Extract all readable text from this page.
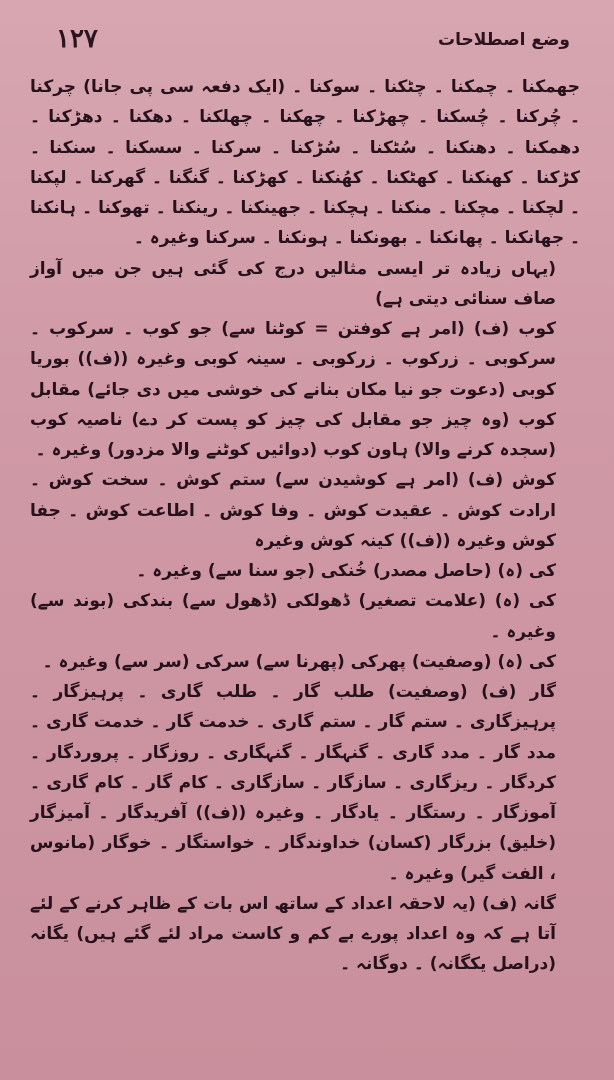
۱۲۷	وضع اصطلاحات

جھمکنا ۔ چمکنا ۔ چٹکنا ۔ سوکنا ۔ (ایک دفعہ سی پی جانا) چرکنا ۔ چُرکنا ۔ چُسکنا ۔ چھڑکنا ۔ چھکنا ۔ چھلکنا ۔ دھکنا ۔ دھڑکنا ۔ دھمکنا ۔ دھنکنا ۔ سُٹکنا ۔ سُڑکنا ۔ سرکنا ۔ سسکنا ۔ سنکنا ۔ کڑکنا ۔ کھنکنا ۔ کھٹکنا ۔ کھُنکنا ۔ کھڑکنا ۔ گنگنا ۔ گھرکنا ۔ لپکنا ۔ لچکنا ۔ مچکنا ۔ منکنا ۔ ہچکنا ۔ جھینکنا ۔ رینکنا ۔ تھوکنا ۔ ہانکنا ۔ جھانکنا ۔ پھانکنا ۔ بھونکنا ۔ ہونکنا ۔ سرکنا وغیرہ ۔

(یہاں زیادہ تر ایسی مثالیں درج کی گئی ہیں جن میں آواز صاف سنائی دیتی ہے)

کوب (ف) (امر ہے کوفتن = کوٹنا سے) جو کوب ۔ سرکوب ۔ سرکوبی ۔ زرکوب ۔ زرکوبی ۔ سینہ کوبی وغیرہ ((ف)) بوریا کوبی (دعوت جو نیا مکان بنانے کی خوشی میں دی جائے) مقابل کوب (وہ چیز جو مقابل کی چیز کو پست کر دے) ناصیہ کوب (سجدہ کرنے والا) ہاون کوب (دوائیں کوٹنے والا مزدور) وغیرہ ۔

کوش (ف) (امر ہے کوشیدن سے) ستم کوش ۔ سخت کوش ۔ ارادت کوش ۔ عقیدت کوش ۔ وفا کوش ۔ اطاعت کوش ۔ جفا کوش وغیرہ ((ف)) کینہ کوش وغیرہ

کی (ہ) (حاصل مصدر) خُنکی (جو سنا سے) وغیرہ ۔

کی (ہ) (علامت تصغیر) ڈھولکی (ڈھول سے) بندکی (بوند سے) وغیرہ ۔

کی (ہ) (وصفیت) پھرکی (پھرنا سے) سرکی (سر سے) وغیرہ ۔

گار (ف) (وصفیت) طلب گار ۔ طلب گاری ۔ پرہیزگار ۔ پرہیزگاری ۔ ستم گار ۔ ستم گاری ۔ خدمت گار ۔ خدمت گاری ۔ مدد گار ۔ مدد گاری ۔ گنہگار ۔ گنہگاری ۔ روزگار ۔ پروردگار ۔ کردگار ۔ ریزگاری ۔ سازگار ۔ سازگاری ۔ کام گار ۔ کام گاری ۔ آموزگار ۔ رستگار ۔ یادگار ۔ وغیرہ ((ف)) آفریدگار ۔ آمیزگار (خلیق) بزرگار (کسان) خداوندگار ۔ خواستگار ۔ خوگار (مانوس ، الفت گیر) وغیرہ ۔

گانہ (ف) (یہ لاحقہ اعداد کے ساتھ اس بات کے ظاہر کرنے کے لئے آتا ہے کہ وہ اعداد پورے بے کم و کاست مراد لئے گئے ہیں) یگانہ (دراصل یکگانہ) ۔ دوگانہ ۔
